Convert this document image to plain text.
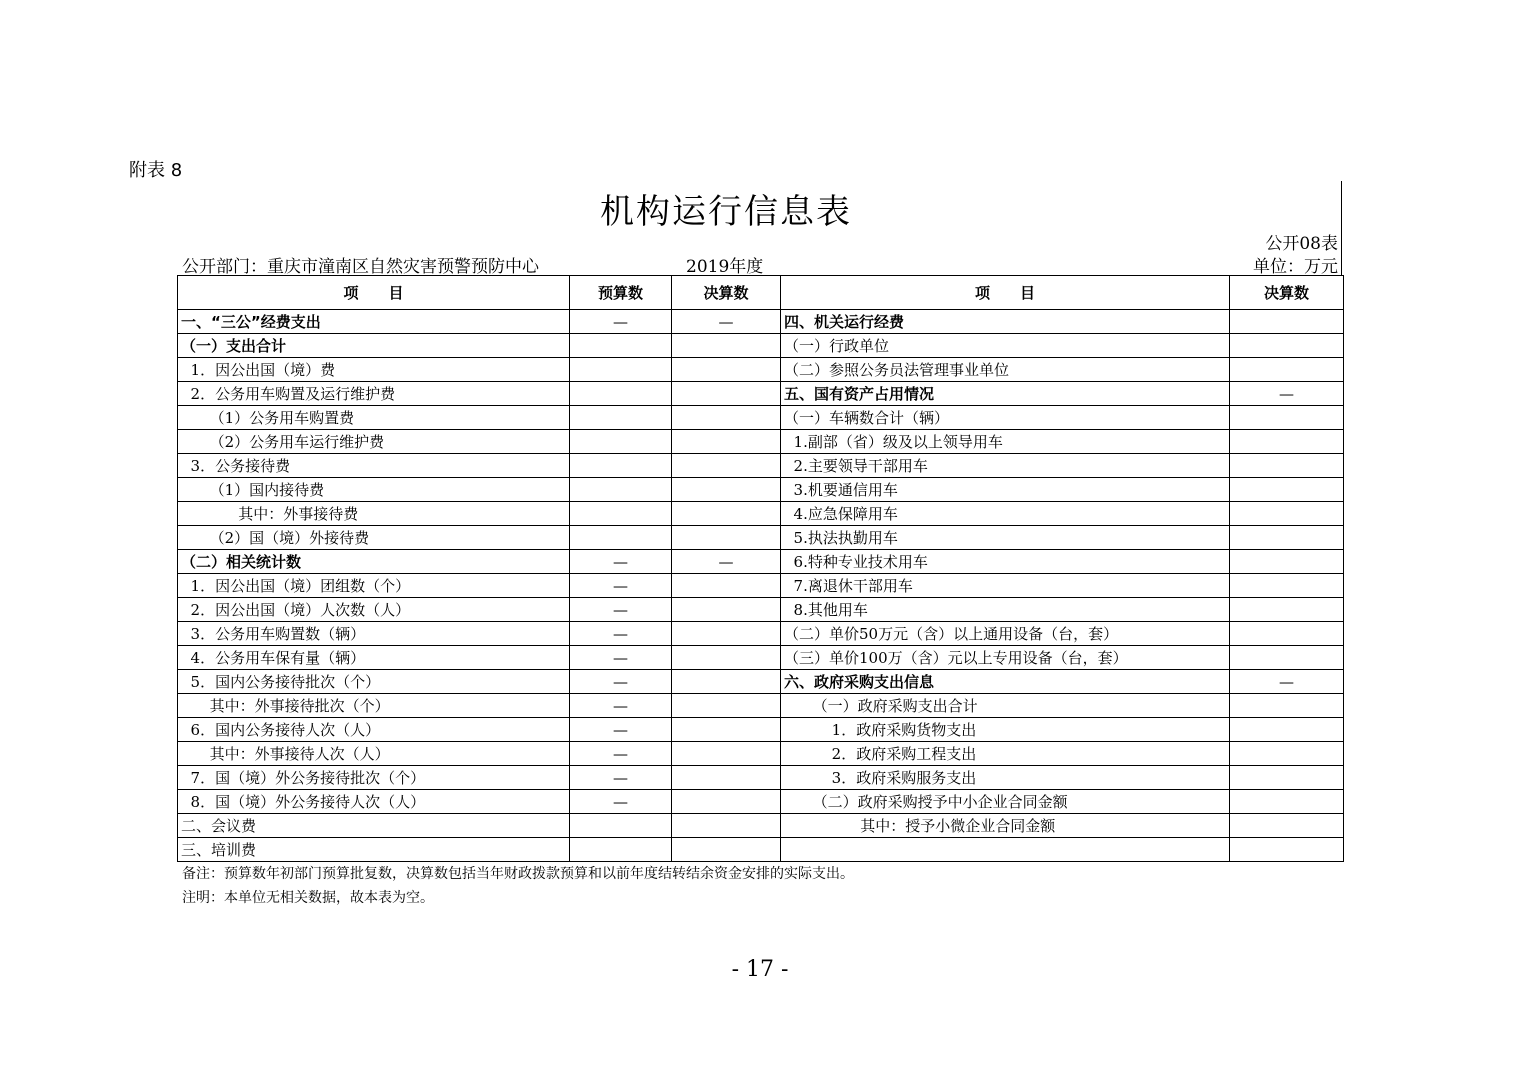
附表 8
机构运行信息表
公开08表
公开部门：重庆市潼南区自然灾害预警预防中心	2019年度	单位：万元
项　　目	预算数	决算数	项　　目	决算数
一、“三公”经费支出	—	—	四、机关运行经费	
（一）支出合计			（一）行政单位	
1．因公出国（境）费			（二）参照公务员法管理事业单位	
2．公务用车购置及运行维护费			五、国有资产占用情况	—
（1）公务用车购置费			（一）车辆数合计（辆）	
（2）公务用车运行维护费			1.副部（省）级及以上领导用车	
3．公务接待费			2.主要领导干部用车	
（1）国内接待费			3.机要通信用车	
其中：外事接待费			4.应急保障用车	
（2）国（境）外接待费			5.执法执勤用车	
（二）相关统计数	—	—	6.特种专业技术用车	
1．因公出国（境）团组数（个）	—		7.离退休干部用车	
2．因公出国（境）人次数（人）	—		8.其他用车	
3．公务用车购置数（辆）	—		（二）单价50万元（含）以上通用设备（台，套）	
4．公务用车保有量（辆）	—		（三）单价100万（含）元以上专用设备（台，套）	
5．国内公务接待批次（个）	—		六、政府采购支出信息	—
其中：外事接待批次（个）	—		（一）政府采购支出合计	
6．国内公务接待人次（人）	—		1．政府采购货物支出	
其中：外事接待人次（人）	—		2．政府采购工程支出	
7．国（境）外公务接待批次（个）	—		3．政府采购服务支出	
8．国（境）外公务接待人次（人）	—		（二）政府采购授予中小企业合同金额	
二、会议费			其中：授予小微企业合同金额	
三、培训费				
备注：预算数年初部门预算批复数，决算数包括当年财政拨款预算和以前年度结转结余资金安排的实际支出。
注明：本单位无相关数据，故本表为空。
- 17 -
